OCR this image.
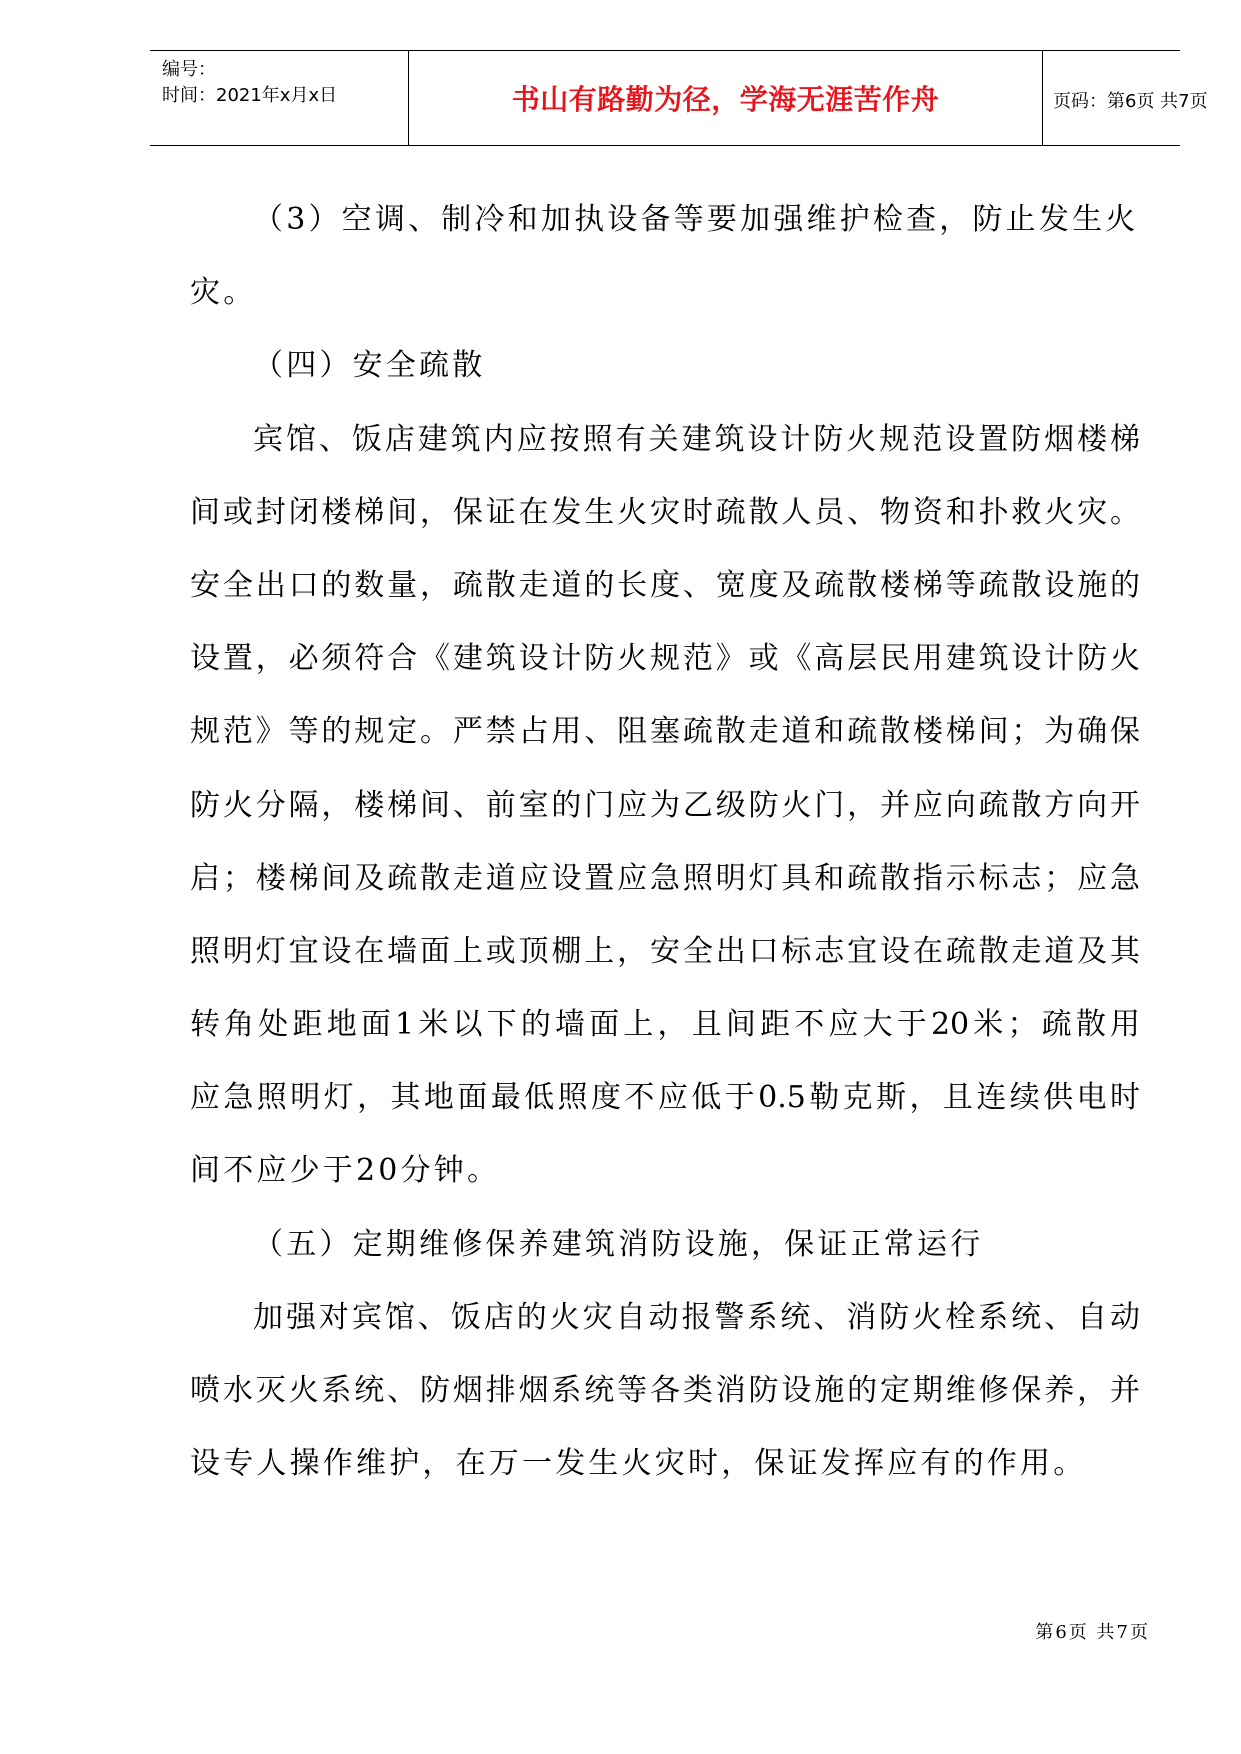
编号：
时间：2021年x月x日	书山有路勤为径，学海无涯苦作舟	页码：第6页 共7页
（3）空调、制冷和加执设备等要加强维护检查，防止发生火
灾。
（四）安全疏散
宾馆、饭店建筑内应按照有关建筑设计防火规范设置防烟楼梯
间或封闭楼梯间，保证在发生火灾时疏散人员、物资和扑救火灾。
安全出口的数量，疏散走道的长度、宽度及疏散楼梯等疏散设施的
设置，必须符合《建筑设计防火规范》或《高层民用建筑设计防火
规范》等的规定。严禁占用、阻塞疏散走道和疏散楼梯间；为确保
防火分隔，楼梯间、前室的门应为乙级防火门，并应向疏散方向开
启；楼梯间及疏散走道应设置应急照明灯具和疏散指示标志；应急
照明灯宜设在墙面上或顶棚上，安全出口标志宜设在疏散走道及其
转角处距地面1米以下的墙面上，且间距不应大于20米；疏散用
应急照明灯，其地面最低照度不应低于0.5勒克斯，且连续供电时
间不应少于20分钟。
（五）定期维修保养建筑消防设施，保证正常运行
加强对宾馆、饭店的火灾自动报警系统、消防火栓系统、自动
喷水灭火系统、防烟排烟系统等各类消防设施的定期维修保养，并
设专人操作维护，在万一发生火灾时，保证发挥应有的作用。
第6页 共7页
